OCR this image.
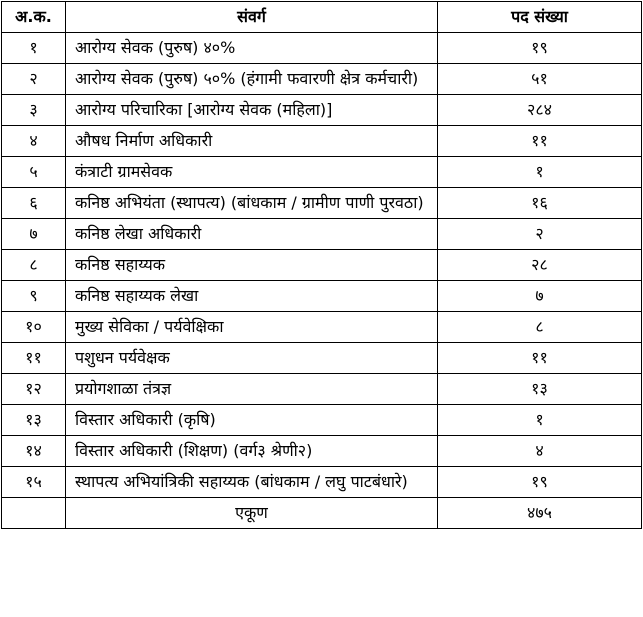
अ.क.	संवर्ग	पद संख्या
१	आरोग्य सेवक (पुरुष) ४०%	१९
२	आरोग्य सेवक (पुरुष) ५०% (हंगामी फवारणी क्षेत्र कर्मचारी)	५१
३	आरोग्य परिचारिका [आरोग्य सेवक (महिला)]	२८४
४	औषध निर्माण अधिकारी	११
५	कंत्राटी ग्रामसेवक	१
६	कनिष्ठ अभियंता (स्थापत्य) (बांधकाम / ग्रामीण पाणी पुरवठा)	१६
७	कनिष्ठ लेखा अधिकारी	२
८	कनिष्ठ सहाय्यक	२८
९	कनिष्ठ सहाय्यक लेखा	७
१०	मुख्य सेविका / पर्यवेक्षिका	८
११	पशुधन पर्यवेक्षक	११
१२	प्रयोगशाळा तंत्रज्ञ	१३
१३	विस्तार अधिकारी (कृषि)	१
१४	विस्तार अधिकारी (शिक्षण) (वर्ग३ श्रेणी२)	४
१५	स्थापत्य अभियांत्रिकी सहाय्यक (बांधकाम / लघु पाटबंधारे)	१९
	एकूण	४७५
